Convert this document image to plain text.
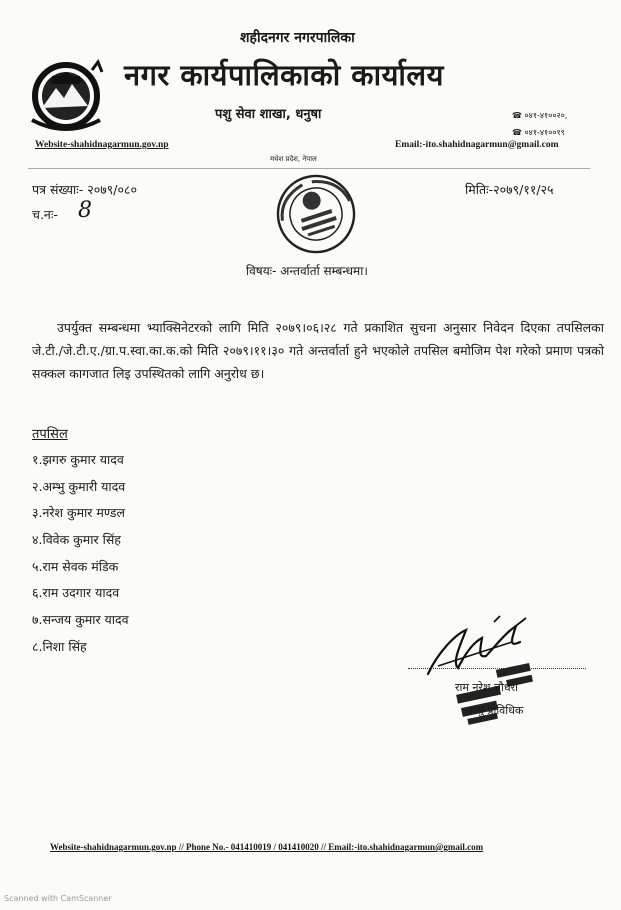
शहीदनगर नगरपालिका
नगर कार्यपालिकाको कार्यालय
पशु सेवा शाखा, धनुषा	☎ ०४१-४१००२०,
☎ ०४१-४१००१९
Website-shahidnagarmun.gov.np	Email:-ito.shahidnagarmun@gmail.com
मधेश प्रदेश, नेपाल
पत्र संख्याः- २०७९/०८०	मितिः-२०७९/११/२५
च.नः- 8
विषयः- अन्तर्वार्ता सम्बन्धमा।

उपर्युक्त सम्बन्धमा भ्याक्सिनेटरको लागि मिति २०७९।०६।२८ गते प्रकाशित सुचना अनुसार निवेदन दिएका तपसिलका जे.टी./जे.टी.ए./ग्रा.प.स्वा.का.क.को मिति २०७९।११।३० गते अन्तर्वार्ता हुने भएकोले तपसिल बमोजिम पेश गरेको प्रमाण पत्रको सक्कल कागजात लिइ उपस्थितको लागि अनुरोध छ।

तपसिल
१.झगरु कुमार यादव
२.अम्भु कुमारी यादव
३.नरेश कुमार मण्डल
४.विवेक कुमार सिंह
५.राम सेवक मंडिक
६.राम उदगार यादव
७.सन्जय कुमार यादव
८.निशा सिंह
राम नरेश चौधरी
पशु प्राविधिक
Website-shahidnagarmun.gov.np // Phone No.- 041410019 / 041410020 // Email:-ito.shahidnagarmun@gmail.com
Scanned with CamScanner
